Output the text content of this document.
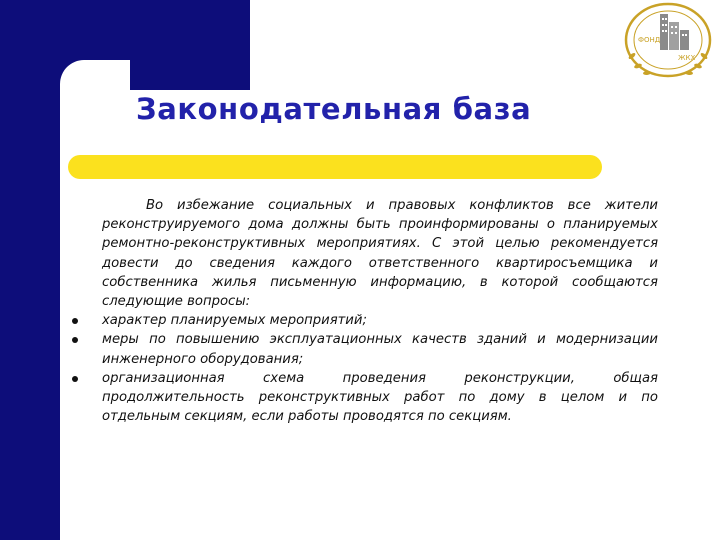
Законодательная база
ФОНД
ЖКХ

Во избежание социальных и правовых конфликтов все жители реконструируемого дома должны быть проинформированы о планируемых ремонтно-реконструктивных мероприятиях. С этой целью рекомендуется довести до сведения каждого ответственного квартиросъемщика и собственника жилья письменную информацию, в которой сообщаются следующие вопросы:

характер планируемых мероприятий;
меры по повышению эксплуатационных качеств зданий и модернизации инженерного оборудования;
организационная схема проведения реконструкции, общая продолжительность реконструктивных работ по дому в целом и по отдельным секциям, если работы проводятся по секциям.
